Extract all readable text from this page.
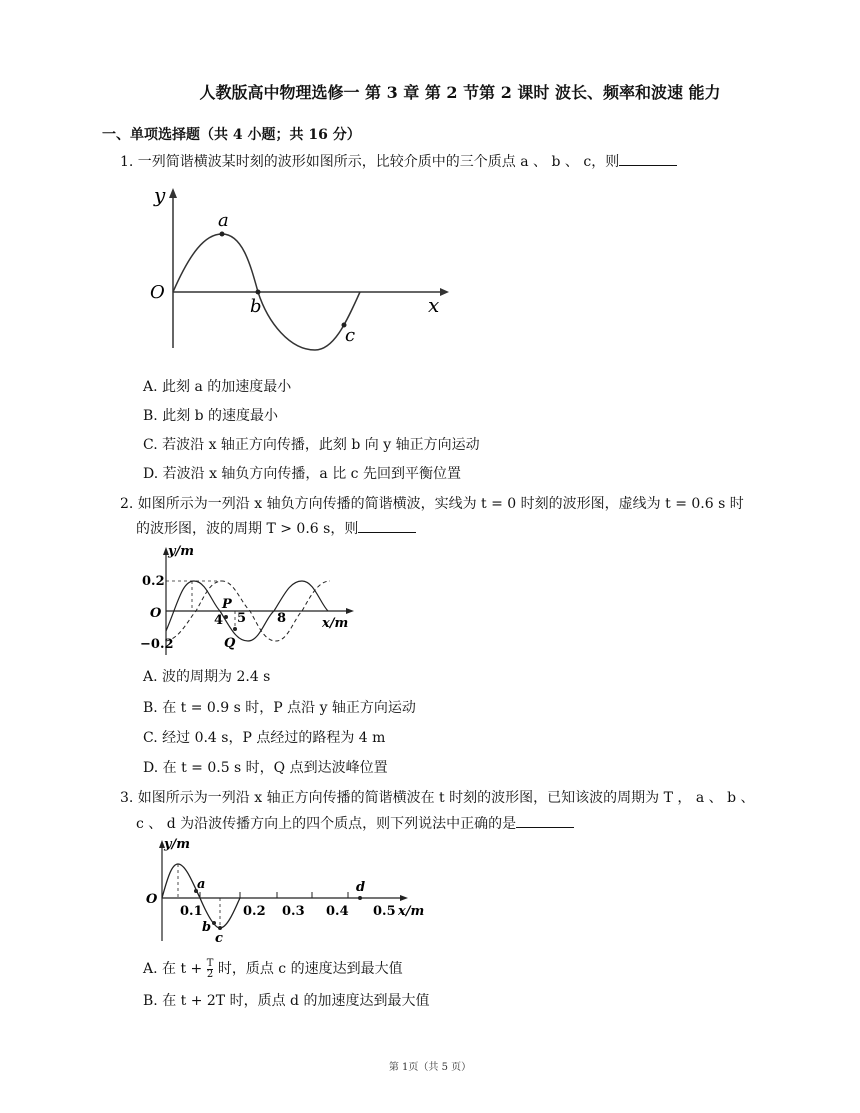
人教版高中物理选修一 第 3 章 第 2 节第 2 课时 波长、频率和波速 能力
一、单项选择题（共 4 小题；共 16 分）
1. 一列简谐横波某时刻的波形如图所示，比较介质中的三个质点 a 、 b 、 c，则
y
x
O
a
b
c
A. 此刻 a 的加速度最小
B. 此刻 b 的速度最小
C. 若波沿 x 轴正方向传播，此刻 b 向 y 轴正方向运动
D. 若波沿 x 轴负方向传播，a 比 c 先回到平衡位置
2. 如图所示为一列沿 x 轴负方向传播的简谐横波，实线为 t = 0 时刻的波形图，虚线为 t = 0.6 s 时
的波形图，波的周期 T > 0.6 s，则
y/m
x/m
0.2
−0.2
O	4 5 8
P
Q
A. 波的周期为 2.4 s
B. 在 t = 0.9 s 时，P 点沿 y 轴正方向运动
C. 经过 0.4 s，P 点经过的路程为 4 m
D. 在 t = 0.5 s 时，Q 点到达波峰位置
3. 如图所示为一列沿 x 轴正方向传播的简谐横波在 t 时刻的波形图，已知该波的周期为 T ， a 、 b 、
c 、 d 为沿波传播方向上的四个质点，则下列说法中正确的是
y/m
x/m
O
0.1	0.2 0.3 0.4 0.5
a
b
c
d
A. 在 $t + \frac{T}{2}$ 时，质点 c 的速度达到最大值
B. 在 t + 2T 时，质点 d 的加速度达到最大值
第 1页（共 5 页）
